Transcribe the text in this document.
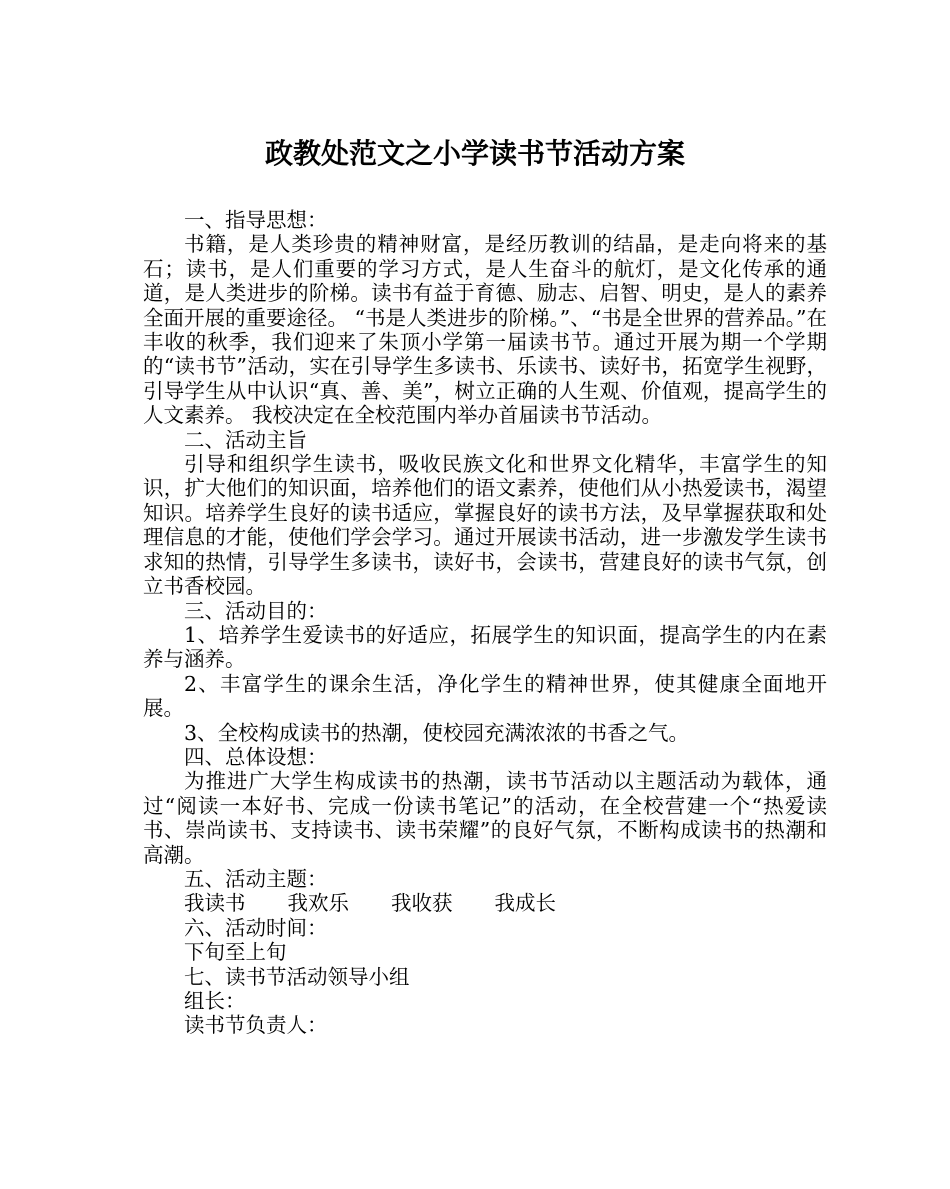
政教处范文之小学读书节活动方案

一、指导思想：

书籍，是人类珍贵的精神财富，是经历教训的结晶，是走向将来的基石；读书，是人们重要的学习方式，是人生奋斗的航灯，是文化传承的通道，是人类进步的阶梯。读书有益于育德、励志、启智、明史，是人的素养全面开展的重要途径。 “书是人类进步的阶梯。”、“书是全世界的营养品。”在丰收的秋季，我们迎来了朱顶小学第一届读书节。通过开展为期一个学期的“读书节”活动，实在引导学生多读书、乐读书、读好书，拓宽学生视野，引导学生从中认识“真、善、美”，树立正确的人生观、价值观，提高学生的人文素养。 我校决定在全校范围内举办首届读书节活动。

二、活动主旨

引导和组织学生读书，吸收民族文化和世界文化精华，丰富学生的知识，扩大他们的知识面，培养他们的语文素养，使他们从小热爱读书，渴望知识。培养学生良好的读书适应，掌握良好的读书方法，及早掌握获取和处理信息的才能，使他们学会学习。通过开展读书活动，进一步激发学生读书求知的热情，引导学生多读书，读好书，会读书，营建良好的读书气氛，创立书香校园。

三、活动目的：

1、培养学生爱读书的好适应，拓展学生的知识面，提高学生的内在素养与涵养。

2、丰富学生的课余生活，净化学生的精神世界，使其健康全面地开展。

3、全校构成读书的热潮，使校园充满浓浓的书香之气。

四、总体设想：

为推进广大学生构成读书的热潮，读书节活动以主题活动为载体，通过“阅读一本好书、完成一份读书笔记”的活动，在全校营建一个“热爱读书、崇尚读书、支持读书、读书荣耀”的良好气氛，不断构成读书的热潮和高潮。

五、活动主题：

我读书 我欢乐 我收获 我成长

六、活动时间：

下旬至上旬

七、读书节活动领导小组

组长：

读书节负责人：
